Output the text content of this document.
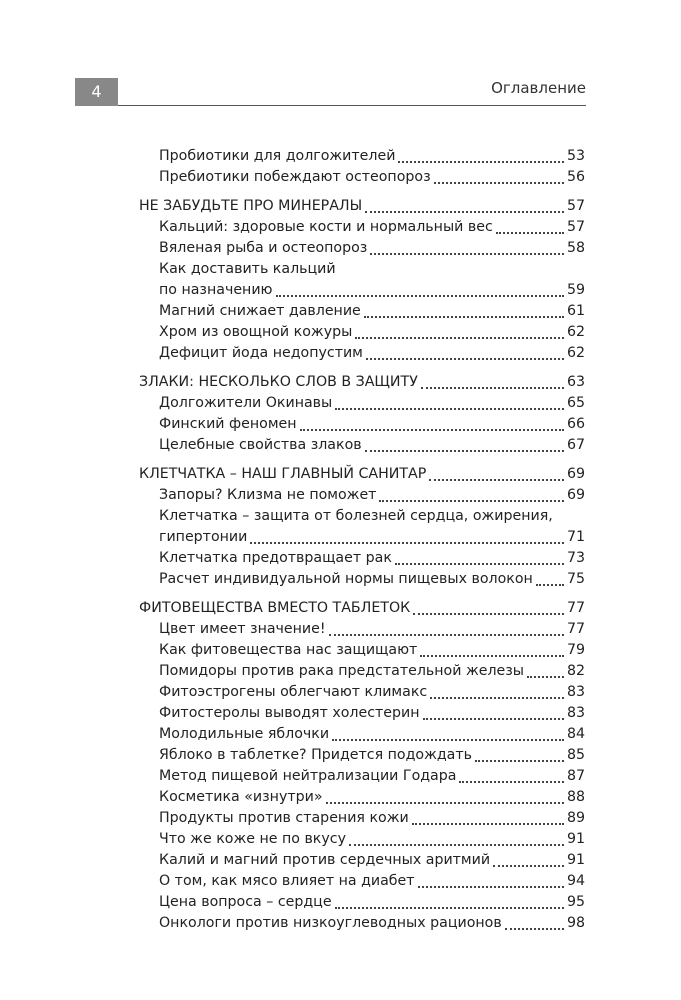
4	Оглавление
Пробиотики для долгожителей	53
Пребиотики побеждают остеопороз	56
НЕ ЗАБУДЬТЕ ПРО МИНЕРАЛЫ	57
Кальций: здоровые кости и нормальный вес	57
Вяленая рыба и остеопороз	58
Как доставить кальций
по назначению	59
Магний снижает давление	61
Хром из овощной кожуры	62
Дефицит йода недопустим	62
ЗЛАКИ: НЕСКОЛЬКО СЛОВ В ЗАЩИТУ	63
Долгожители Окинавы	65
Финский феномен	66
Целебные свойства злаков	67
КЛЕТЧАТКА – НАШ ГЛАВНЫЙ САНИТАР	69
Запоры? Клизма не поможет	69
Клетчатка – защита от болезней сердца, ожирения,
гипертонии	71
Клетчатка предотвращает рак	73
Расчет индивидуальной нормы пищевых волокон 75
ФИТОВЕЩЕСТВА ВМЕСТО ТАБЛЕТОК	77
Цвет имеет значение!	77
Как фитовещества нас защищают	79
Помидоры против рака предстательной железы	82
Фитоэстрогены облегчают климакс	83
Фитостеролы выводят холестерин	83
Молодильные яблочки	84
Яблоко в таблетке? Придется подождать	85
Метод пищевой нейтрализации Годара	87
Косметика «изнутри»	88
Продукты против старения кожи	89
Что же коже не по вкусу	91
Калий и магний против сердечных аритмий	91
О том, как мясо влияет на диабет	94
Цена вопроса – сердце	95
Онкологи против низкоуглеводных рационов	98
